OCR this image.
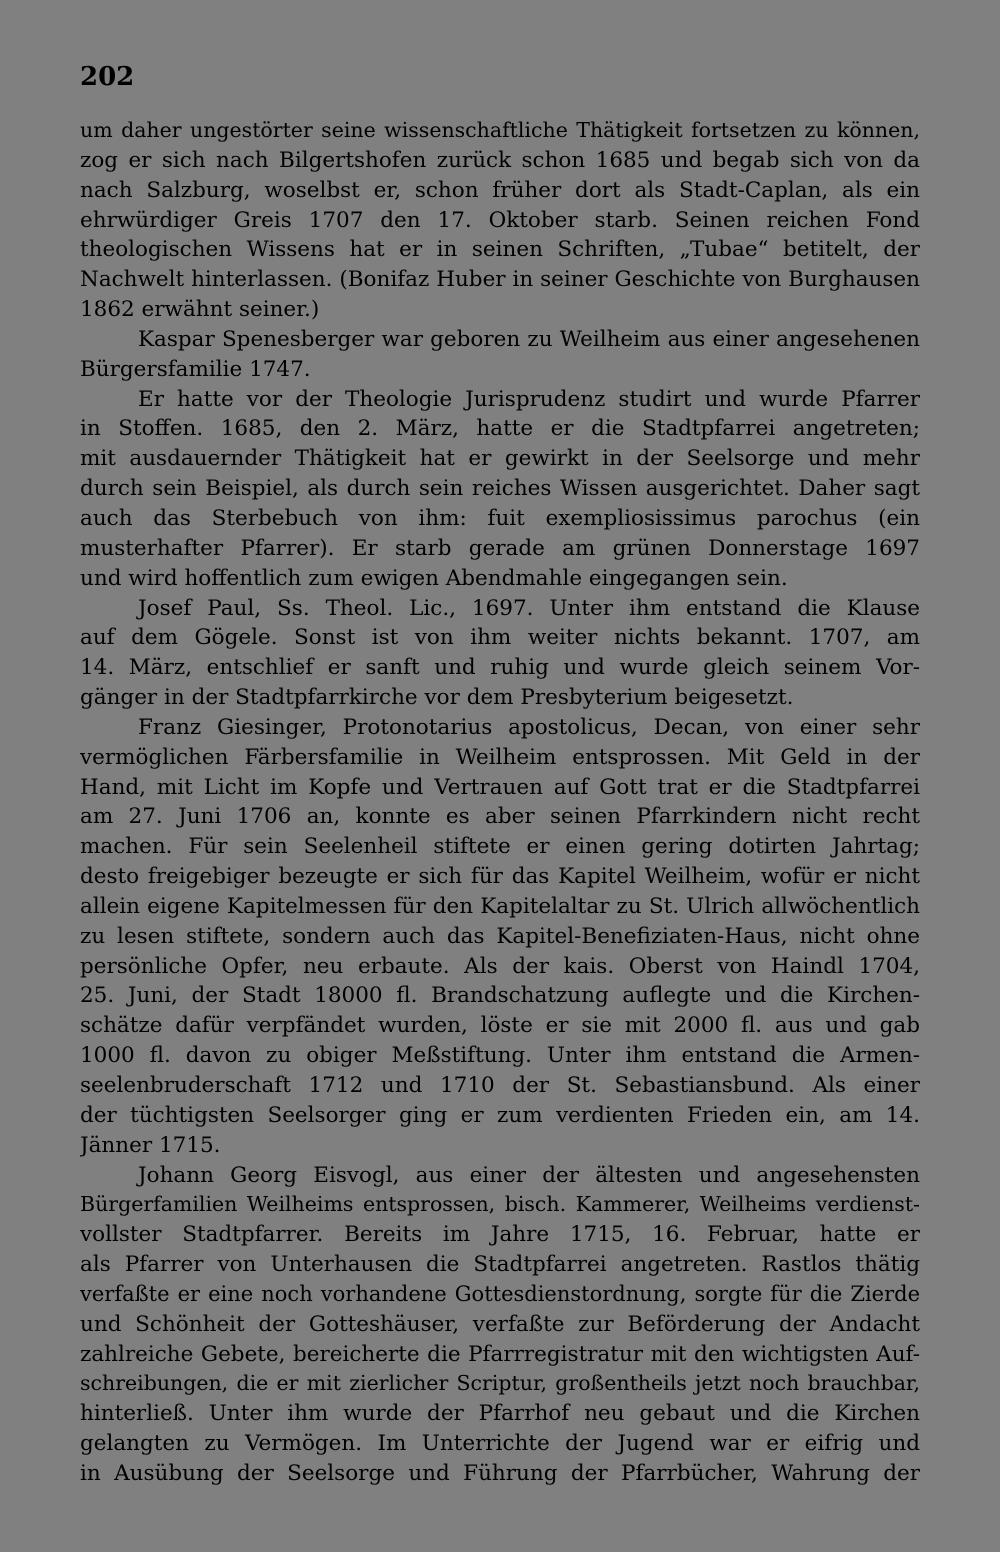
202
um daher ungestörter seine wissenschaftliche Thätigkeit fortsetzen zu können,
zog er sich nach Bilgertshofen zurück schon 1685 und begab sich von da
nach Salzburg, woselbst er, schon früher dort als Stadt-Caplan, als ein
ehrwürdiger Greis 1707 den 17. Oktober starb. Seinen reichen Fond
theologischen Wissens hat er in seinen Schriften, „Tubae“ betitelt, der
Nachwelt hinterlassen. (Bonifaz Huber in seiner Geschichte von Burghausen
1862 erwähnt seiner.)
Kaspar Spenesberger war geboren zu Weilheim aus einer angesehenen
Bürgersfamilie 1747.
Er hatte vor der Theologie Jurisprudenz studirt und wurde Pfarrer
in Stoffen. 1685, den 2. März, hatte er die Stadtpfarrei angetreten;
mit ausdauernder Thätigkeit hat er gewirkt in der Seelsorge und mehr
durch sein Beispiel, als durch sein reiches Wissen ausgerichtet. Daher sagt
auch das Sterbebuch von ihm: fuit exempliosissimus parochus (ein
musterhafter Pfarrer). Er starb gerade am grünen Donnerstage 1697
und wird hoffentlich zum ewigen Abendmahle eingegangen sein.
Josef Paul, Ss. Theol. Lic., 1697. Unter ihm entstand die Klause
auf dem Gögele. Sonst ist von ihm weiter nichts bekannt. 1707, am
14. März, entschlief er sanft und ruhig und wurde gleich seinem Vor-
gänger in der Stadtpfarrkirche vor dem Presbyterium beigesetzt.
Franz Giesinger, Protonotarius apostolicus, Decan, von einer sehr
vermöglichen Färbersfamilie in Weilheim entsprossen. Mit Geld in der
Hand, mit Licht im Kopfe und Vertrauen auf Gott trat er die Stadtpfarrei
am 27. Juni 1706 an, konnte es aber seinen Pfarrkindern nicht recht
machen. Für sein Seelenheil stiftete er einen gering dotirten Jahrtag;
desto freigebiger bezeugte er sich für das Kapitel Weilheim, wofür er nicht
allein eigene Kapitelmessen für den Kapitelaltar zu St. Ulrich allwöchentlich
zu lesen stiftete, sondern auch das Kapitel-Benefiziaten-Haus, nicht ohne
persönliche Opfer, neu erbaute. Als der kais. Oberst von Haindl 1704,
25. Juni, der Stadt 18000 fl. Brandschatzung auflegte und die Kirchen-
schätze dafür verpfändet wurden, löste er sie mit 2000 fl. aus und gab
1000 fl. davon zu obiger Meßstiftung. Unter ihm entstand die Armen-
seelenbruderschaft 1712 und 1710 der St. Sebastiansbund. Als einer
der tüchtigsten Seelsorger ging er zum verdienten Frieden ein, am 14.
Jänner 1715.
Johann Georg Eisvogl, aus einer der ältesten und angesehensten
Bürgerfamilien Weilheims entsprossen, bisch. Kammerer, Weilheims verdienst-
vollster Stadtpfarrer. Bereits im Jahre 1715, 16. Februar, hatte er
als Pfarrer von Unterhausen die Stadtpfarrei angetreten. Rastlos thätig
verfaßte er eine noch vorhandene Gottesdienstordnung, sorgte für die Zierde
und Schönheit der Gotteshäuser, verfaßte zur Beförderung der Andacht
zahlreiche Gebete, bereicherte die Pfarrregistratur mit den wichtigsten Auf-
schreibungen, die er mit zierlicher Scriptur, großentheils jetzt noch brauchbar,
hinterließ. Unter ihm wurde der Pfarrhof neu gebaut und die Kirchen
gelangten zu Vermögen. Im Unterrichte der Jugend war er eifrig und
in Ausübung der Seelsorge und Führung der Pfarrbücher, Wahrung der
